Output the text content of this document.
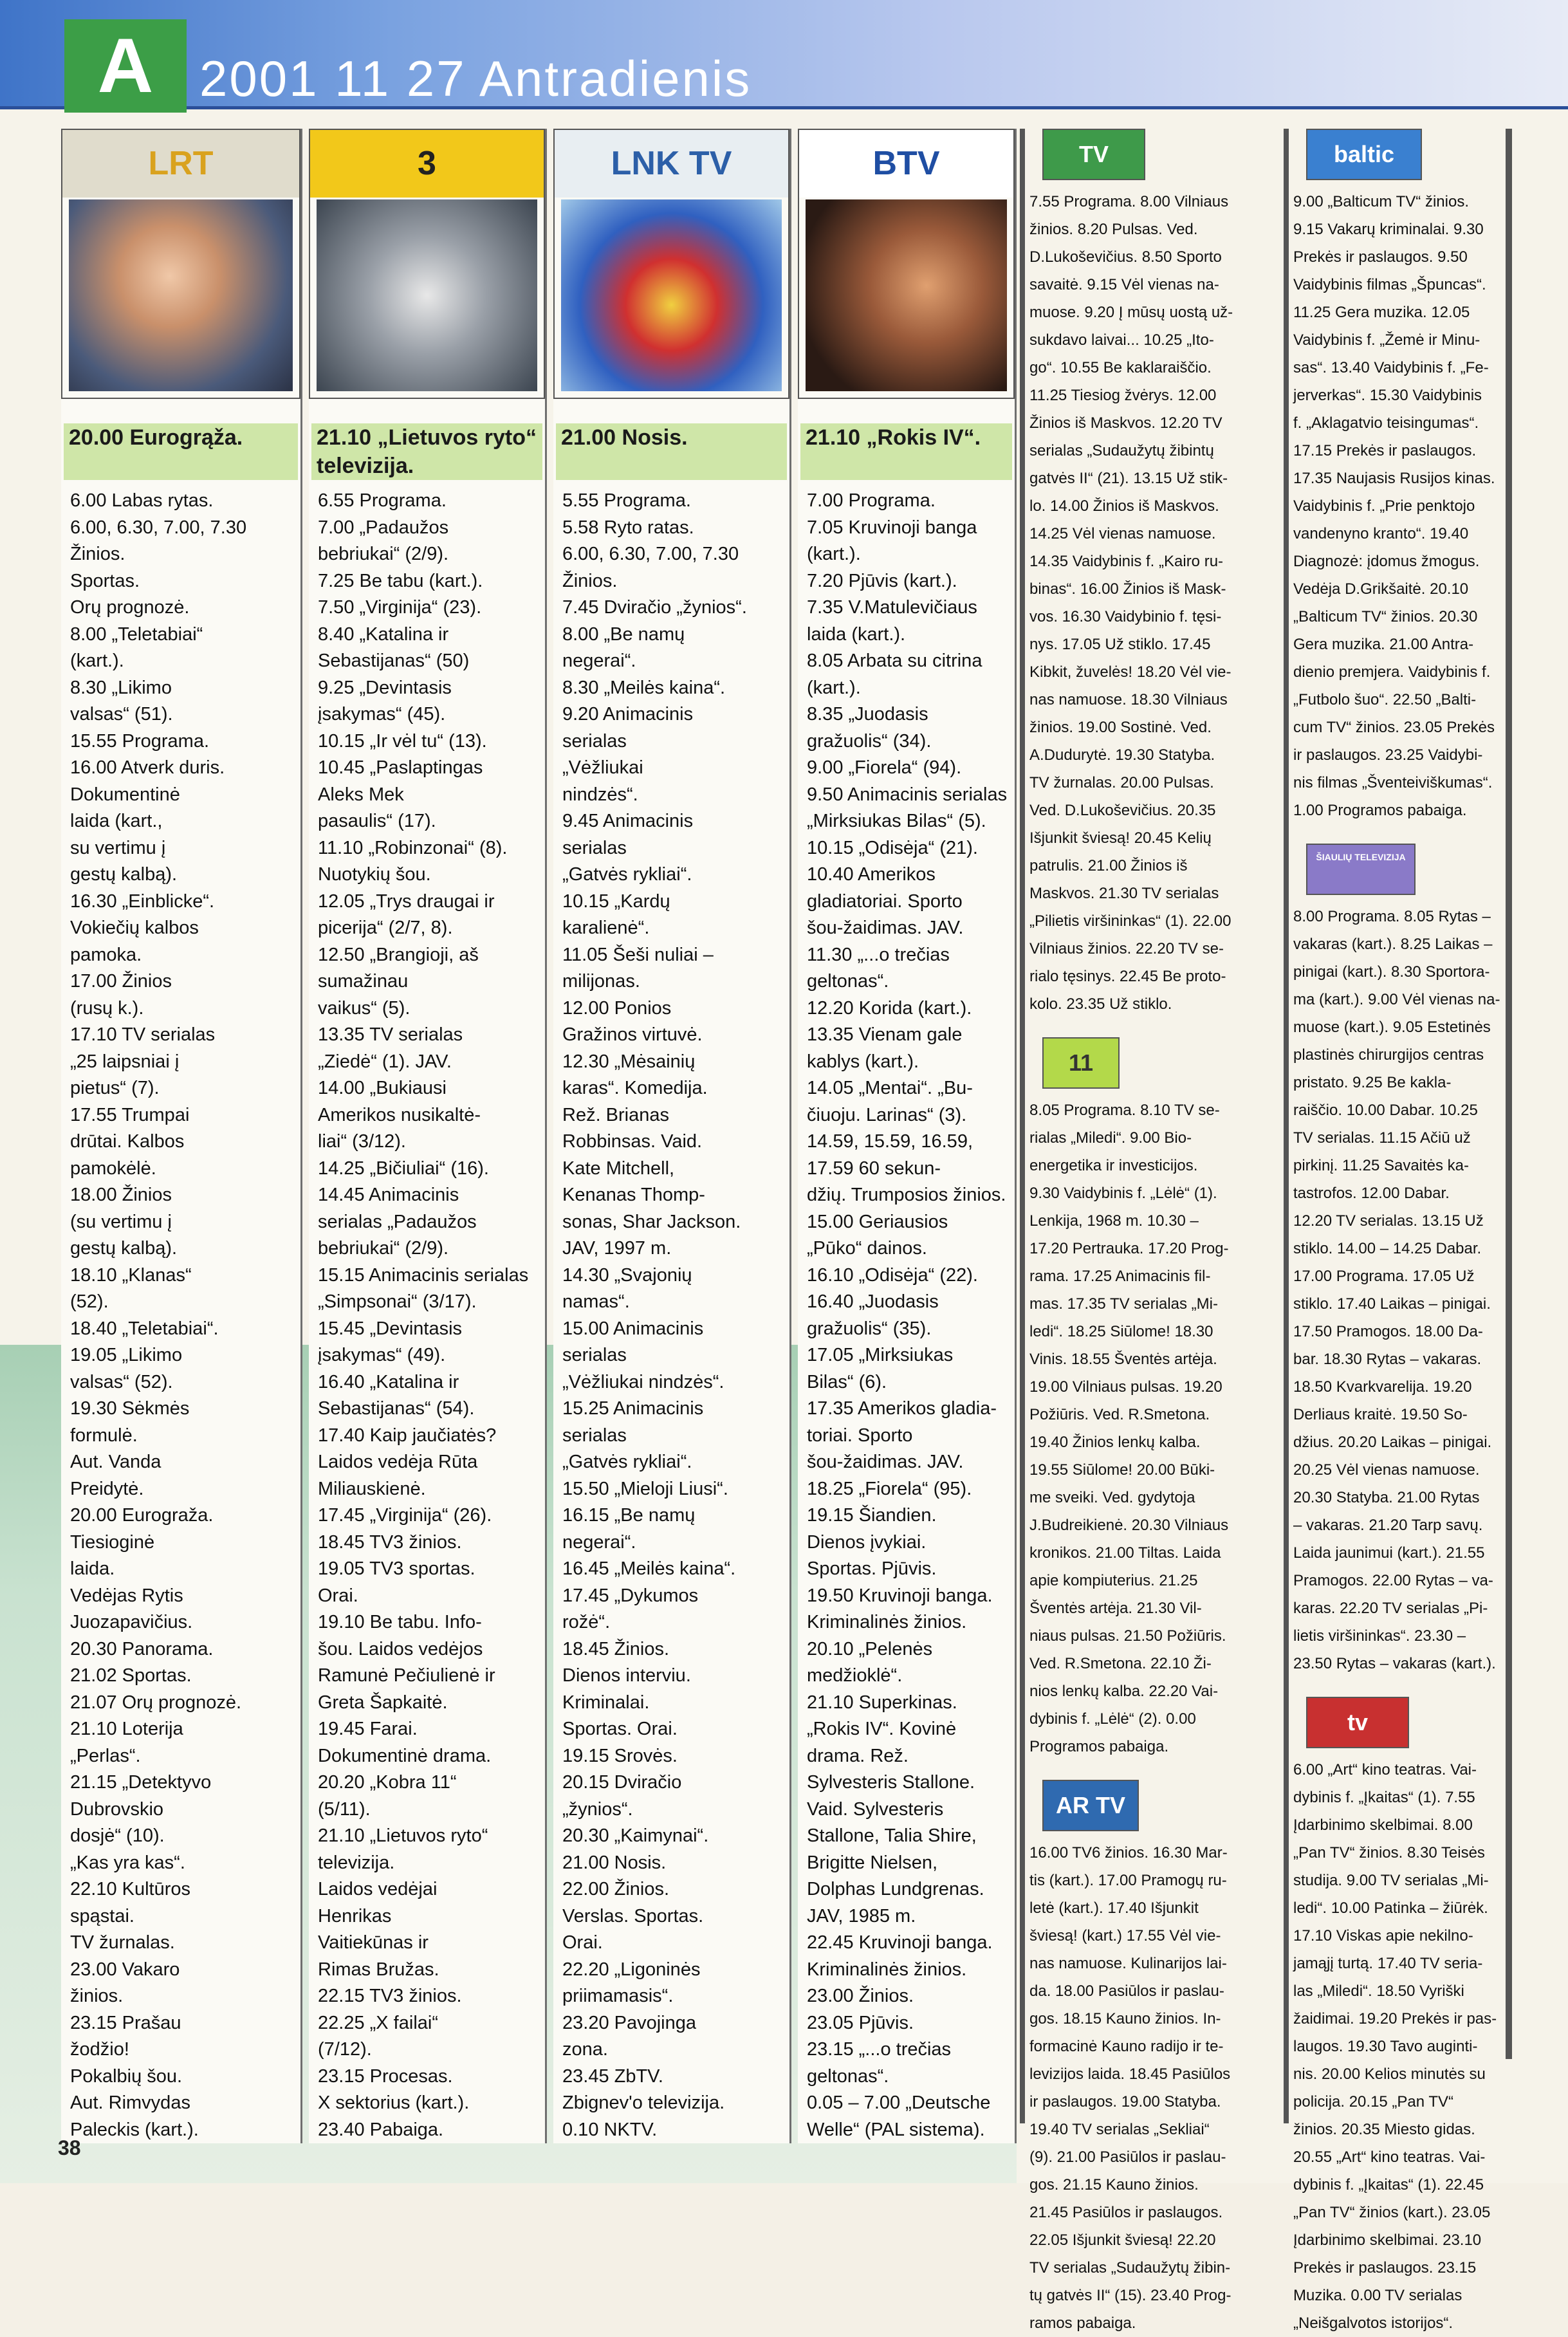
A 2001 11 27 Antradienis
LRT
20.00 Eurogrąža.
6.00 Labas rytas.
6.00, 6.30, 7.00, 7.30
Žinios.
Sportas.
Orų prognozė.
8.00 „Teletabiai“
(kart.).
8.30 „Likimo
valsas“ (51).
15.55 Programa.
16.00 Atverk duris.
Dokumentinė
laida (kart.,
su vertimu į
gestų kalbą).
16.30 „Einblicke“.
Vokiečių kalbos
pamoka.
17.00 Žinios
(rusų k.).
17.10 TV serialas
„25 laipsniai į
pietus“ (7).
17.55 Trumpai
drūtai. Kalbos
pamokėlė.
18.00 Žinios
(su vertimu į
gestų kalbą).
18.10 „Klanas“
(52).
18.40 „Teletabiai“.
19.05 „Likimo
valsas“ (52).
19.30 Sėkmės
formulė.
Aut. Vanda
Preidytė.
20.00 Eurograža.
Tiesioginė
laida.
Vedėjas Rytis
Juozapavičius.
20.30 Panorama.
21.02 Sportas.
21.07 Orų prognozė.
21.10 Loterija
„Perlas“.
21.15 „Detektyvo
Dubrovskio
dosjė“ (10).
„Kas yra kas“.
22.10 Kultūros
spąstai.
TV žurnalas.
23.00 Vakaro
žinios.
23.15 Prašau
žodžio!
Pokalbių šou.
Aut. Rimvydas
Paleckis (kart.).
3
21.10 „Lietuvos ryto“ televizija.
6.55 Programa.
7.00 „Padaužos
bebriukai“ (2/9).
7.25 Be tabu (kart.).
7.50 „Virginija“ (23).
8.40 „Katalina ir
Sebastijanas“ (50)
9.25 „Devintasis
įsakymas“ (45).
10.15 „Ir vėl tu“ (13).
10.45 „Paslaptingas
Aleks Mek
pasaulis“ (17).
11.10 „Robinzonai“ (8).
Nuotykių šou.
12.05 „Trys draugai ir
picerija“ (2/7, 8).
12.50 „Brangioji, aš
sumažinau
vaikus“ (5).
13.35 TV serialas
„Ziedė“ (1). JAV.
14.00 „Bukiausi
Amerikos nusikaltė-
liai“ (3/12).
14.25 „Bičiuliai“ (16).
14.45 Animacinis
serialas „Padaužos
bebriukai“ (2/9).
15.15 Animacinis serialas
„Simpsonai“ (3/17).
15.45 „Devintasis
įsakymas“ (49).
16.40 „Katalina ir
Sebastijanas“ (54).
17.40 Kaip jaučiatės?
Laidos vedėja Rūta
Miliauskienė.
17.45 „Virginija“ (26).
18.45 TV3 žinios.
19.05 TV3 sportas.
Orai.
19.10 Be tabu. Info-
šou. Laidos vedėjos
Ramunė Pečiulienė ir
Greta Šapkaitė.
19.45 Farai.
Dokumentinė drama.
20.20 „Kobra 11“
(5/11).
21.10 „Lietuvos ryto“
televizija.
Laidos vedėjai
Henrikas
Vaitiekūnas ir
Rimas Bružas.
22.15 TV3 žinios.
22.25 „X failai“
(7/12).
23.15 Procesas.
X sektorius (kart.).
23.40 Pabaiga.
LNK TV
21.00 Nosis.
5.55 Programa.
5.58 Ryto ratas.
6.00, 6.30, 7.00, 7.30
Žinios.
7.45 Dviračio „žynios“.
8.00 „Be namų
negerai“.
8.30 „Meilės kaina“.
9.20 Animacinis
serialas
„Vėžliukai
nindzės“.
9.45 Animacinis
serialas
„Gatvės rykliai“.
10.15 „Kardų
karalienė“.
11.05 Šeši nuliai –
milijonas.
12.00 Ponios
Gražinos virtuvė.
12.30 „Mėsainių
karas“. Komedija.
Rež. Brianas
Robbinsas. Vaid.
Kate Mitchell,
Kenanas Thomp-
sonas, Shar Jackson.
JAV, 1997 m.
14.30 „Svajonių
namas“.
15.00 Animacinis
serialas
„Vėžliukai nindzės“.
15.25 Animacinis
serialas
„Gatvės rykliai“.
15.50 „Mieloji Liusi“.
16.15 „Be namų
negerai“.
16.45 „Meilės kaina“.
17.45 „Dykumos
rožė“.
18.45 Žinios.
Dienos interviu.
Kriminalai.
Sportas. Orai.
19.15 Srovės.
20.15 Dviračio
„žynios“.
20.30 „Kaimynai“.
21.00 Nosis.
22.00 Žinios.
Verslas. Sportas.
Orai.
22.20 „Ligoninės
priimamasis“.
23.20 Pavojinga
zona.
23.45 ZbTV.
Zbignev'o televizija.
0.10 NKTV.
BTV
21.10 „Rokis IV“.
7.00 Programa.
7.05 Kruvinoji banga
(kart.).
7.20 Pjūvis (kart.).
7.35 V.Matulevičiaus
laida (kart.).
8.05 Arbata su citrina
(kart.).
8.35 „Juodasis
gražuolis“ (34).
9.00 „Fiorela“ (94).
9.50 Animacinis serialas
„Mirksiukas Bilas“ (5).
10.15 „Odisėja“ (21).
10.40 Amerikos
gladiatoriai. Sporto
šou-žaidimas. JAV.
11.30 „...o trečias
geltonas“.
12.20 Korida (kart.).
13.35 Vienam gale
kablys (kart.).
14.05 „Mentai“. „Bu-
čiuoju. Larinas“ (3).
14.59, 15.59, 16.59,
17.59 60 sekun-
džių. Trumposios žinios.
15.00 Geriausios
„Pūko“ dainos.
16.10 „Odisėja“ (22).
16.40 „Juodasis
gražuolis“ (35).
17.05 „Mirksiukas
Bilas“ (6).
17.35 Amerikos gladia-
toriai. Sporto
šou-žaidimas. JAV.
18.25 „Fiorela“ (95).
19.15 Šiandien.
Dienos įvykiai.
Sportas. Pjūvis.
19.50 Kruvinoji banga.
Kriminalinės žinios.
20.10 „Pelenės
medžioklė“.
21.10 Superkinas.
„Rokis IV“. Kovinė
drama. Rež.
Sylvesteris Stallone.
Vaid. Sylvesteris
Stallone, Talia Shire,
Brigitte Nielsen,
Dolphas Lundgrenas.
JAV, 1985 m.
22.45 Kruvinoji banga.
Kriminalinės žinios.
23.00 Žinios.
23.05 Pjūvis.
23.15 „...o trečias
geltonas“.
0.05 – 7.00 „Deutsche
Welle“ (PAL sistema).
TV
7.55 Programa. 8.00 Vilniaus
žinios. 8.20 Pulsas. Ved.
D.Lukoševičius. 8.50 Sporto
savaitė. 9.15 Vėl vienas na-
muose. 9.20 Į mūsų uostą už-
sukdavo laivai... 10.25 „Ito-
go“. 10.55 Be kaklaraiščio.
11.25 Tiesiog žvėrys. 12.00
Žinios iš Maskvos. 12.20 TV
serialas „Sudaužytų žibintų
gatvės II“ (21). 13.15 Už stik-
lo. 14.00 Žinios iš Maskvos.
14.25 Vėl vienas namuose.
14.35 Vaidybinis f. „Kairo ru-
binas“. 16.00 Žinios iš Mask-
vos. 16.30 Vaidybinio f. tęsi-
nys. 17.05 Už stiklo. 17.45
Kibkit, žuvelės! 18.20 Vėl vie-
nas namuose. 18.30 Vilniaus
žinios. 19.00 Sostinė. Ved.
A.Dudurytė. 19.30 Statyba.
TV žurnalas. 20.00 Pulsas.
Ved. D.Lukoševičius. 20.35
Išjunkit šviesą! 20.45 Kelių
patrulis. 21.00 Žinios iš
Maskvos. 21.30 TV serialas
„Pilietis viršininkas“ (1). 22.00
Vilniaus žinios. 22.20 TV se-
rialo tęsinys. 22.45 Be proto-
kolo. 23.35 Už stiklo.
11
8.05 Programa. 8.10 TV se-
rialas „Miledi“. 9.00 Bio-
energetika ir investicijos.
9.30 Vaidybinis f. „Lėlė“ (1).
Lenkija, 1968 m. 10.30 –
17.20 Pertrauka. 17.20 Prog-
rama. 17.25 Animacinis fil-
mas. 17.35 TV serialas „Mi-
ledi“. 18.25 Siūlome! 18.30
Vinis. 18.55 Šventės artėja.
19.00 Vilniaus pulsas. 19.20
Požiūris. Ved. R.Smetona.
19.40 Žinios lenkų kalba.
19.55 Siūlome! 20.00 Būki-
me sveiki. Ved. gydytoja
J.Budreikienė. 20.30 Vilniaus
kronikos. 21.00 Tiltas. Laida
apie kompiuterius. 21.25
Šventės artėja. 21.30 Vil-
niaus pulsas. 21.50 Požiūris.
Ved. R.Smetona. 22.10 Ži-
nios lenkų kalba. 22.20 Vai-
dybinis f. „Lėlė“ (2). 0.00
Programos pabaiga.
AR TV
16.00 TV6 žinios. 16.30 Mar-
tis (kart.). 17.00 Pramogų ru-
letė (kart.). 17.40 Išjunkit
šviesą! (kart.) 17.55 Vėl vie-
nas namuose. Kulinarijos lai-
da. 18.00 Pasiūlos ir paslau-
gos. 18.15 Kauno žinios. In-
formacinė Kauno radijo ir te-
levizijos laida. 18.45 Pasiūlos
ir paslaugos. 19.00 Statyba.
19.40 TV serialas „Sekliai“
(9). 21.00 Pasiūlos ir paslau-
gos. 21.15 Kauno žinios.
21.45 Pasiūlos ir paslaugos.
22.05 Išjunkit šviesą! 22.20
TV serialas „Sudaužytų žibin-
tų gatvės II“ (15). 23.40 Prog-
ramos pabaiga.
baltic
9.00 „Balticum TV“ žinios.
9.15 Vakarų kriminalai. 9.30
Prekės ir paslaugos. 9.50
Vaidybinis filmas „Špuncas“.
11.25 Gera muzika. 12.05
Vaidybinis f. „Žemė ir Minu-
sas“. 13.40 Vaidybinis f. „Fe-
jerverkas“. 15.30 Vaidybinis
f. „Aklagatvio teisingumas“.
17.15 Prekės ir paslaugos.
17.35 Naujasis Rusijos kinas.
Vaidybinis f. „Prie penktojo
vandenyno kranto“. 19.40
Diagnozė: įdomus žmogus.
Vedėja D.Grikšaitė. 20.10
„Balticum TV“ žinios. 20.30
Gera muzika. 21.00 Antra-
dienio premjera. Vaidybinis f.
„Futbolo šuo“. 22.50 „Balti-
cum TV“ žinios. 23.05 Prekės
ir paslaugos. 23.25 Vaidybi-
nis filmas „Šventeiviškumas“.
1.00 Programos pabaiga.
ŠIAULIŲ TELEVIZIJA
8.00 Programa. 8.05 Rytas –
vakaras (kart.). 8.25 Laikas –
pinigai (kart.). 8.30 Sportora-
ma (kart.). 9.00 Vėl vienas na-
muose (kart.). 9.05 Estetinės
plastinės chirurgijos centras
pristato. 9.25 Be kakla-
raiščio. 10.00 Dabar. 10.25
TV serialas. 11.15 Ačiū už
pirkinį. 11.25 Savaitės ka-
tastrofos. 12.00 Dabar.
12.20 TV serialas. 13.15 Už
stiklo. 14.00 – 14.25 Dabar.
17.00 Programa. 17.05 Už
stiklo. 17.40 Laikas – pinigai.
17.50 Pramogos. 18.00 Da-
bar. 18.30 Rytas – vakaras.
18.50 Kvarkvarelija. 19.20
Derliaus kraitė. 19.50 So-
džius. 20.20 Laikas – pinigai.
20.25 Vėl vienas namuose.
20.30 Statyba. 21.00 Rytas
– vakaras. 21.20 Tarp savų.
Laida jaunimui (kart.). 21.55
Pramogos. 22.00 Rytas – va-
karas. 22.20 TV serialas „Pi-
lietis viršininkas“. 23.30 –
23.50 Rytas – vakaras (kart.).
tv
6.00 „Art“ kino teatras. Vai-
dybinis f. „Įkaitas“ (1). 7.55
Įdarbinimo skelbimai. 8.00
„Pan TV“ žinios. 8.30 Teisės
studija. 9.00 TV serialas „Mi-
ledi“. 10.00 Patinka – žiūrėk.
17.10 Viskas apie nekilno-
jamąjį turtą. 17.40 TV seria-
las „Miledi“. 18.50 Vyriški
žaidimai. 19.20 Prekės ir pas-
laugos. 19.30 Tavo auginti-
nis. 20.00 Kelios minutės su
policija. 20.15 „Pan TV“
žinios. 20.35 Miesto gidas.
20.55 „Art“ kino teatras. Vai-
dybinis f. „Įkaitas“ (1). 22.45
„Pan TV“ žinios (kart.). 23.05
Įdarbinimo skelbimai. 23.10
Prekės ir paslaugos. 23.15
Muzika. 0.00 TV serialas
„Neišgalvotos istorijos“.
38
